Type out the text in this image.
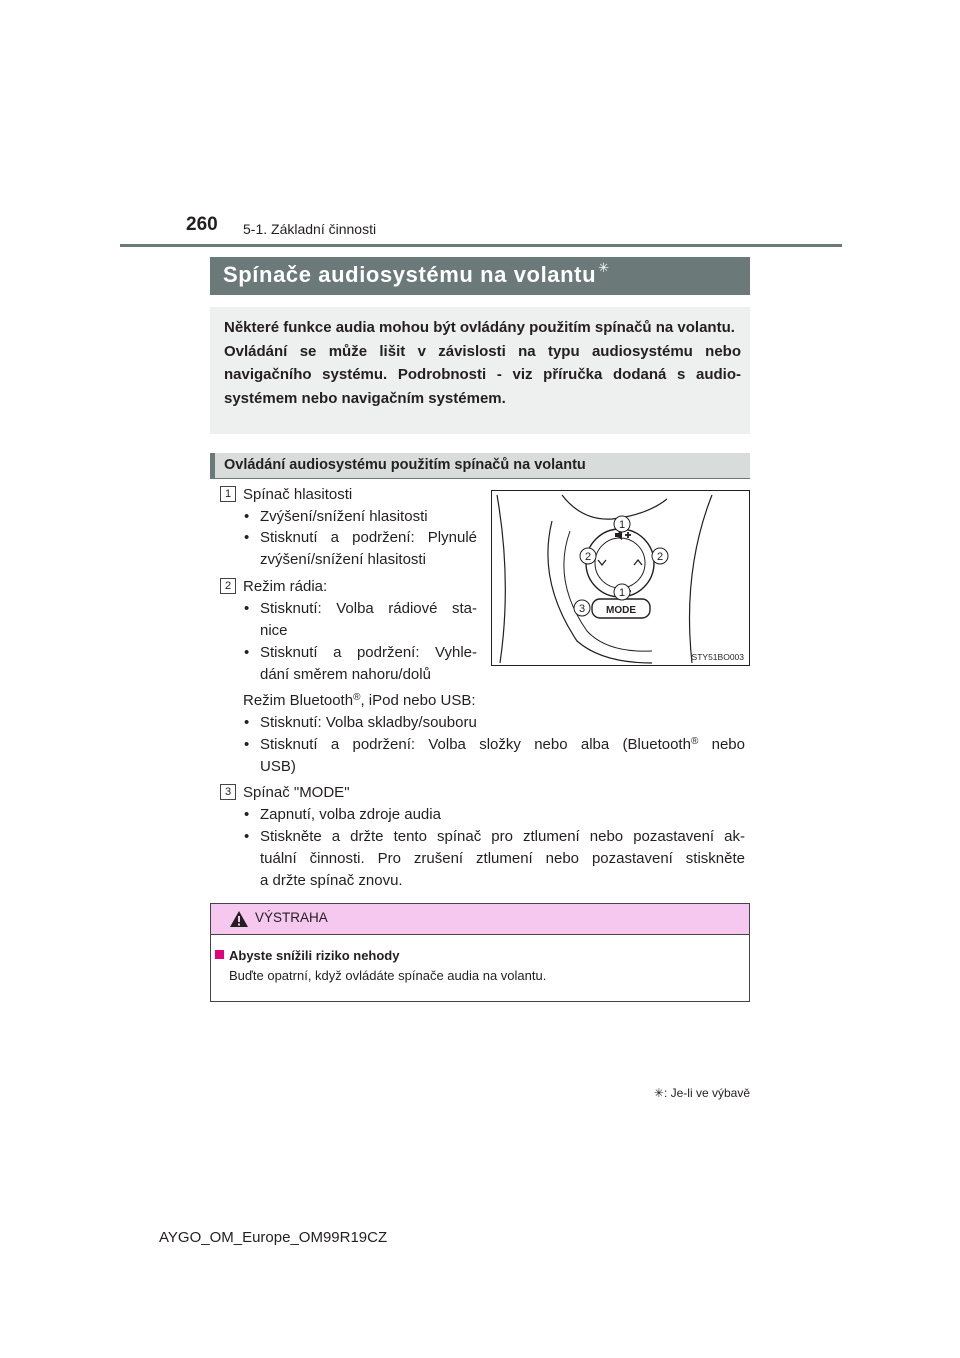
260 5-1. Základní činnosti
Spínače audiosystému na volantu ✳

Některé funkce audia mohou být ovládány použitím spínačů na volantu.

Ovládání se může lišit v závislosti na typu audiosystému nebo navigačního systému. Podrobnosti - viz příručka dodaná s audio-systémem nebo navigačním systémem.

Ovládání audiosystému použitím spínačů na volantu
1 Spínač hlasitosti
• Zvýšení/snížení hlasitosti
• Stisknutí a podržení: Plynulé
zvýšení/snížení hlasitosti
2 Režim rádia:
• Stisknutí: Volba rádiové sta-
nice
• Stisknutí a podržení: Vyhle-
dání směrem nahoru/dolů
Režim Bluetooth®, iPod nebo USB:
• Stisknutí: Volba skladby/souboru
• Stisknutí a podržení: Volba složky nebo alba (Bluetooth® nebo
USB)
3 Spínač "MODE"
• Zapnutí, volba zdroje audia
• Stiskněte a držte tento spínač pro ztlumení nebo pozastavení ak-
tuální činnosti. Pro zrušení ztlumení nebo pozastavení stiskněte
a držte spínač znovu.
MODE
1
2	2
1
3
STY51BO003
VÝSTRAHA
Abyste snížili riziko nehody
Buďte opatrní, když ovládáte spínače audia na volantu.
✳: Je-li ve výbavě
AYGO_OM_Europe_OM99R19CZ
